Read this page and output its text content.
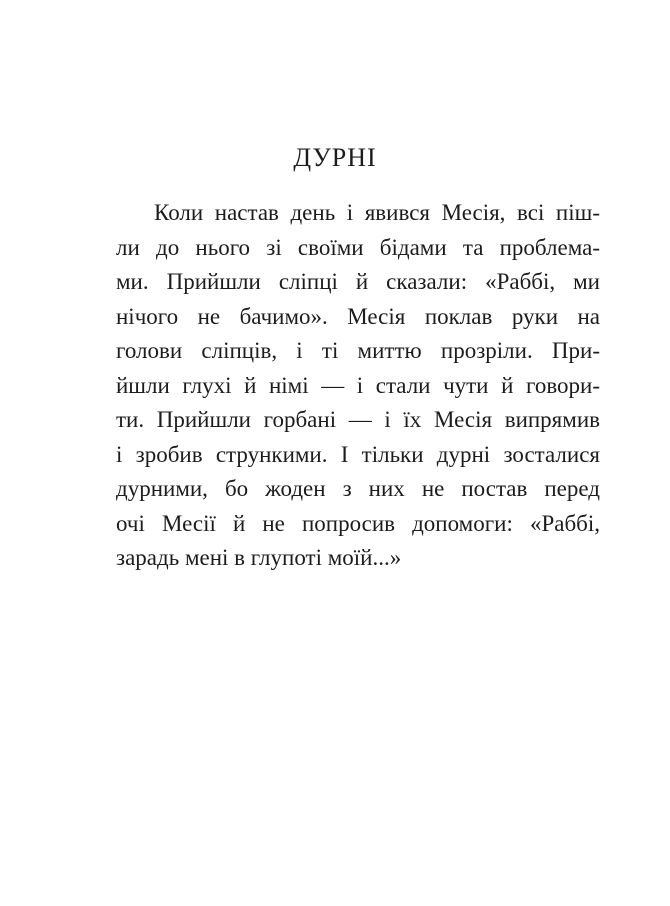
ДУРНІ
Коли настав день і явився Месія, всі піш-
ли до нього зі своїми бідами та проблема-
ми. Прийшли сліпці й сказали: «Раббі, ми
нічого не бачимо». Месія поклав руки на
голови сліпців, і ті миттю прозріли. При-
йшли глухі й німі — і стали чути й говори-
ти. Прийшли горбані — і їх Месія випрямив
і зробив стрункими. І тільки дурні зосталися
дурними, бо жоден з них не постав перед
очі Месії й не попросив допомоги: «Раббі,
зарадь мені в глупоті моїй...»
